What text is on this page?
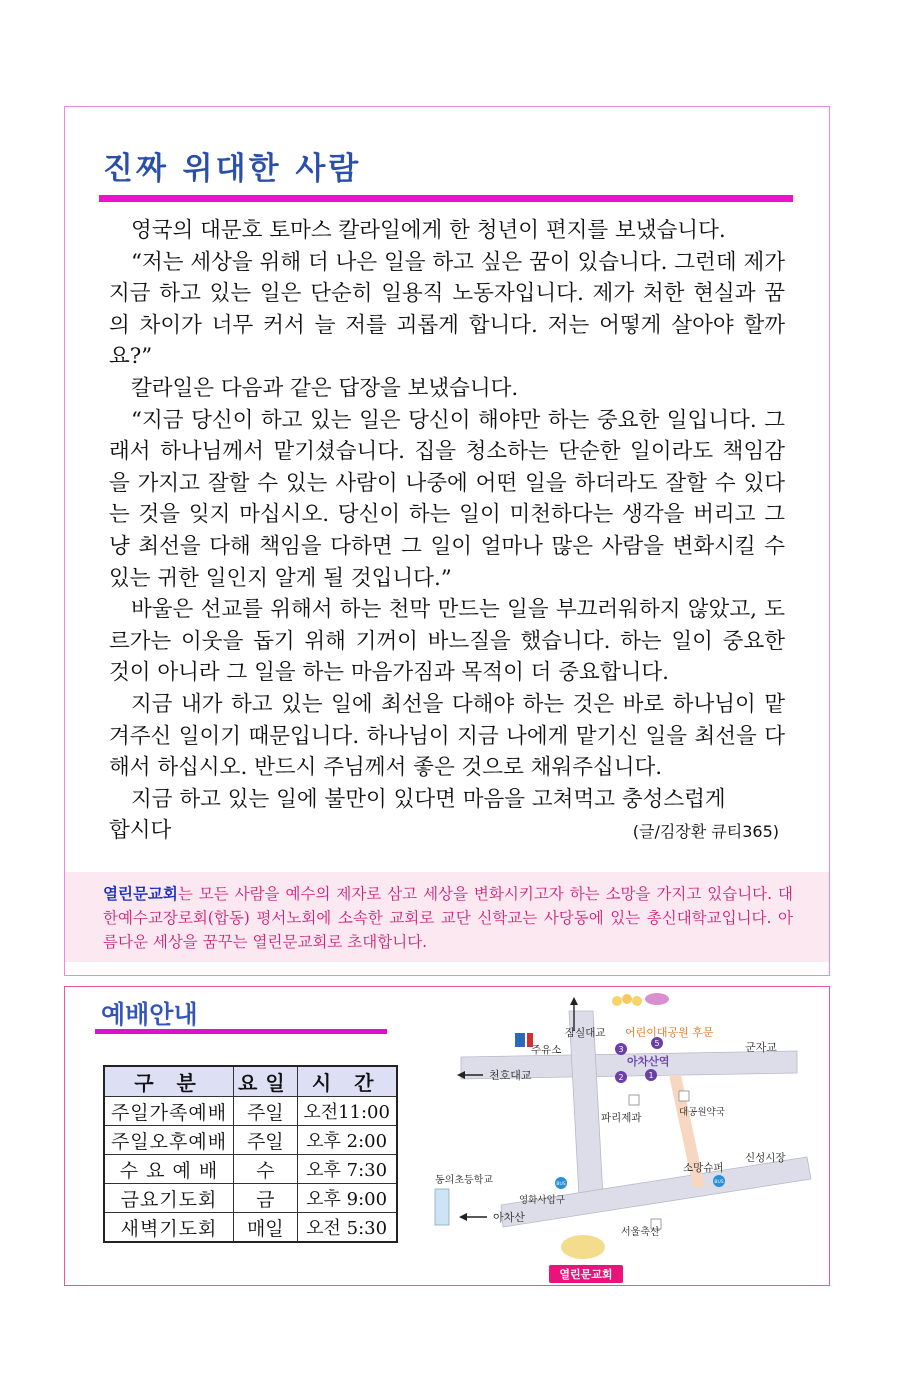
진짜 위대한 사람

영국의 대문호 토마스 칼라일에게 한 청년이 편지를 보냈습니다.

“저는 세상을 위해 더 나은 일을 하고 싶은 꿈이 있습니다. 그런데 제가 지금 하고 있는 일은 단순히 일용직 노동자입니다. 제가 처한 현실과 꿈의 차이가 너무 커서 늘 저를 괴롭게 합니다. 저는 어떻게 살아야 할까요?”

칼라일은 다음과 같은 답장을 보냈습니다.

“지금 당신이 하고 있는 일은 당신이 해야만 하는 중요한 일입니다. 그래서 하나님께서 맡기셨습니다. 집을 청소하는 단순한 일이라도 책임감을 가지고 잘할 수 있는 사람이 나중에 어떤 일을 하더라도 잘할 수 있다는 것을 잊지 마십시오. 당신이 하는 일이 미천하다는 생각을 버리고 그냥 최선을 다해 책임을 다하면 그 일이 얼마나 많은 사람을 변화시킬 수 있는 귀한 일인지 알게 될 것입니다.”

바울은 선교를 위해서 하는 천막 만드는 일을 부끄러워하지 않았고, 도르가는 이웃을 돕기 위해 기꺼이 바느질을 했습니다. 하는 일이 중요한 것이 아니라 그 일을 하는 마음가짐과 목적이 더 중요합니다.

지금 내가 하고 있는 일에 최선을 다해야 하는 것은 바로 하나님이 맡겨주신 일이기 때문입니다. 하나님이 지금 나에게 맡기신 일을 최선을 다해서 하십시오. 반드시 주님께서 좋은 것으로 채워주십니다.

지금 하고 있는 일에 불만이 있다면 마음을 고쳐먹고 충성스럽게

합시다	(글/김장환 큐티365)

열린문교회는 모든 사람을 예수의 제자로 삼고 세상을 변화시키고자 하는 소망을 가지고 있습니다. 대한예수교장로회(합동) 평서노회에 소속한 교회로 교단 신학교는 사당동에 있는 총신대학교입니다. 아름다운 세상을 꿈꾸는 열린문교회로 초대합니다.
예배안내
구 분	요일	시 간
주일가족예배	주일	오전11:00
주일오후예배	주일	오후 2:00
수 요 예 배	수	오후 7:30
금요기도회	금	오후 9:00
새벽기도회	매일	오전 5:30
3
5
2	1
BUS	BUS
열린문교회
잠실대교 어린이대공원 후문
주유소
아차산역
군자교
천호대교
파리제과	대공원약국
소망슈퍼
신성시장
동의초등학교
영화사입구
아차산
서울축산
